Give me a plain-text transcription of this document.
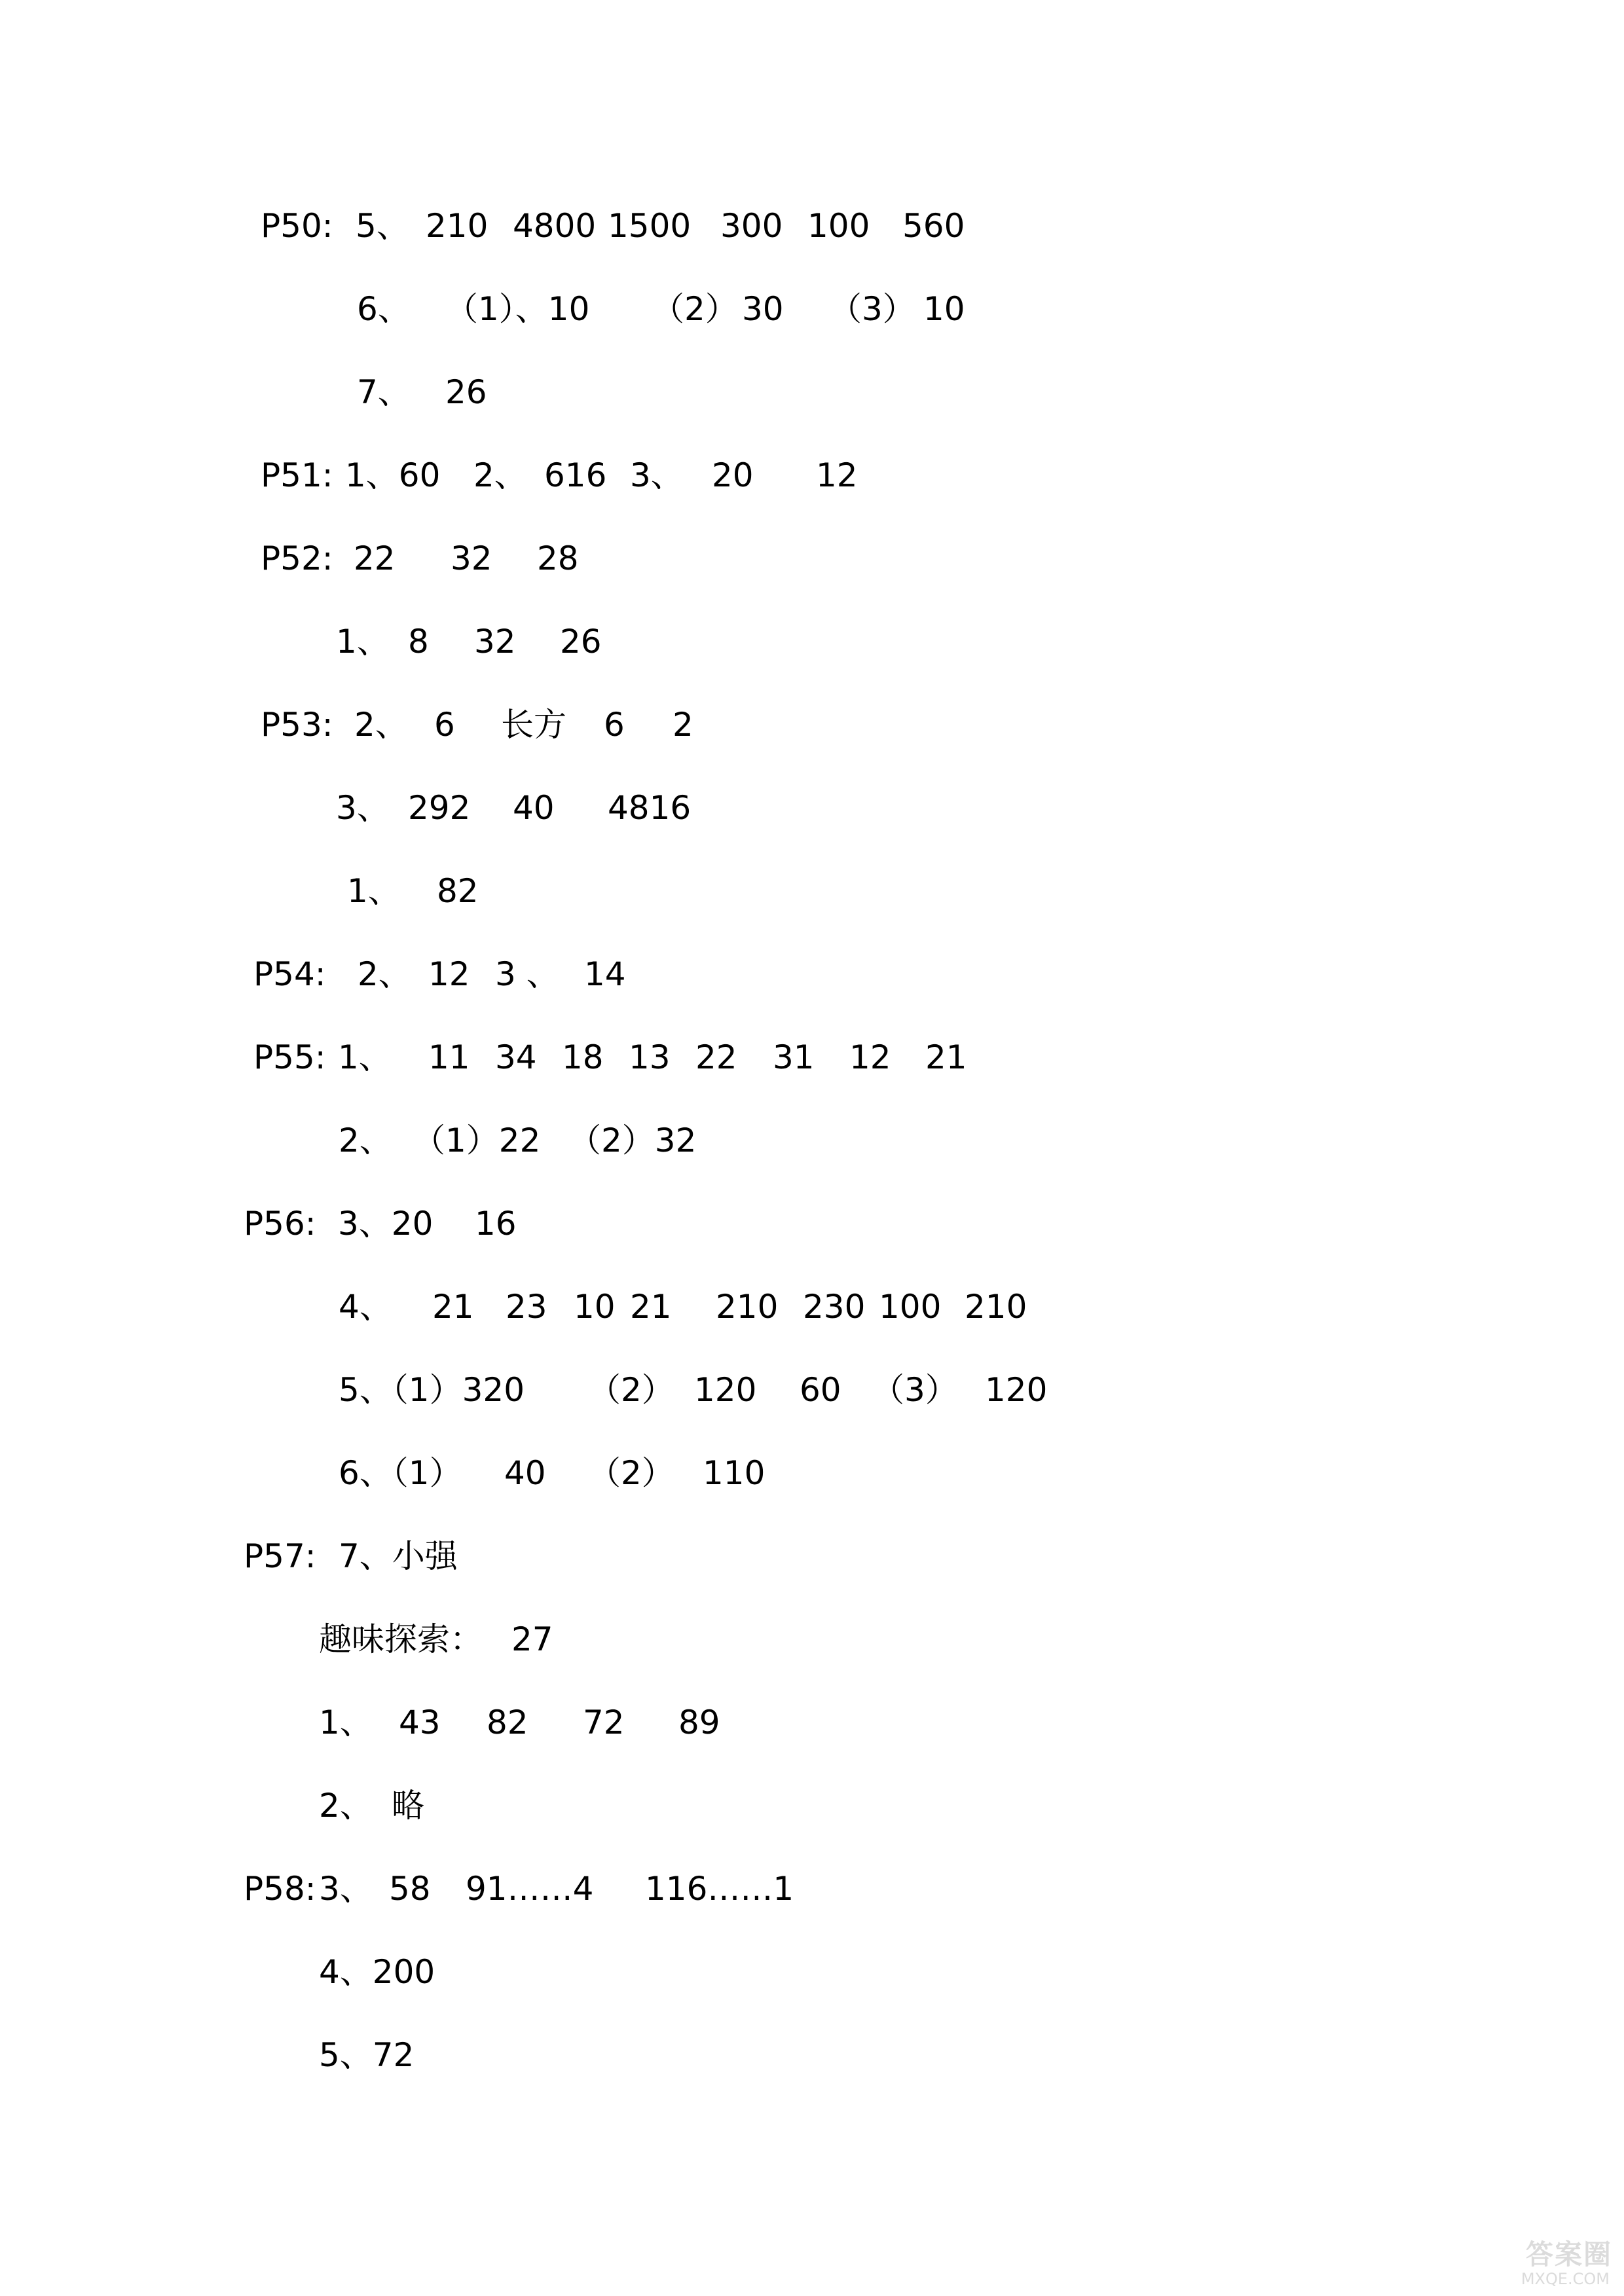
P50: 5、 210 4800 1500 300 100 560
6、 （1）、10 （2） 30 （3） 10
7、 26
P51: 1、60 2、 616 3、 20 12
P52: 22 32 28
1、 8 32 26
P53: 2、 6 长方 6 2
3、 292 40 4816
1、 82
P54: 2、 12 3 、 14
P55: 1、 11 34 18 13 22 31 12 21
2、 （1）22 （2）32
P56: 3、20 16
4、 21 23 10 21 210 230 100 210
5、（1）320 （2） 120 60 （3） 120
6、（1） 40 （2） 110
P57: 7、小强
趣味探索： 27
1、 43 82 72 89
2、 略
P58: 3、 58 91……4 116……1
4、200
5、72
答案圈
MXQE.COM
